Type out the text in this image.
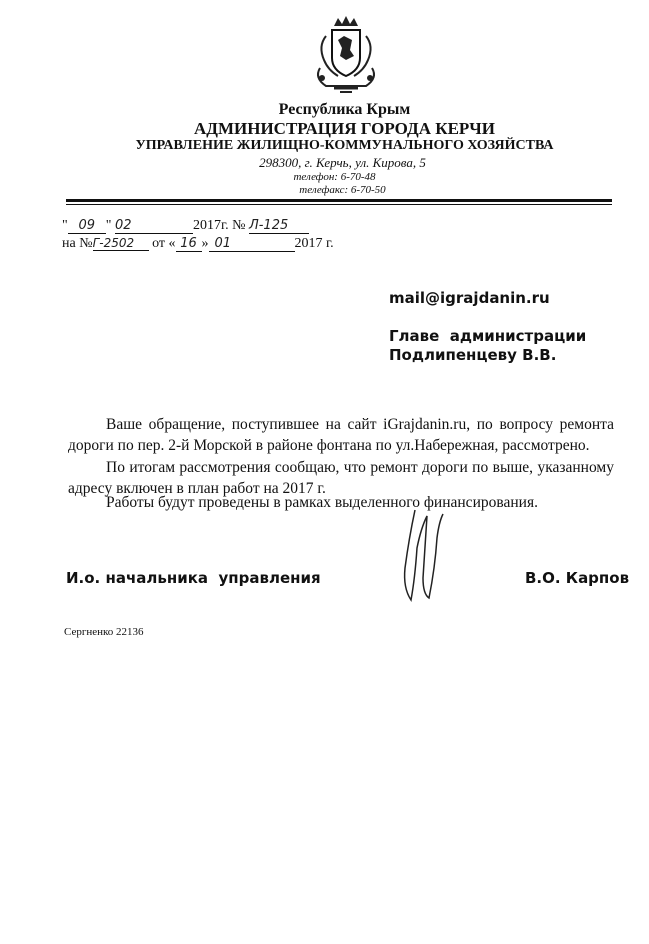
Республика Крым
АДМИНИСТРАЦИЯ ГОРОДА КЕРЧИ
УПРАВЛЕНИЕ ЖИЛИЩНО-КОММУНАЛЬНОГО ХОЗЯЙСТВА
298300, г. Керчь, ул. Кирова, 5
телефон: 6-70-48
телефакс: 6-70-50
" 09 " 02	2017г. № Л-125
на №Г-2502 от « 16 » 01	2017 г.
mail@igrajdanin.ru
Главе  администрации
Подлипенцеву В.В.
Ваше обращение, поступившее на сайт iGrajdanin.ru, по вопросу ремонта дороги по пер. 2-й Морской в районе фонтана по ул.Набережная, рассмотрено.
По итогам рассмотрения сообщаю, что ремонт дороги по выше, указанному адресу включен в план работ на 2017 г.
Работы будут проведены в рамках выделенного финансирования.
И.о. начальника  управления	В.О. Карпов
Сергненко 22136
